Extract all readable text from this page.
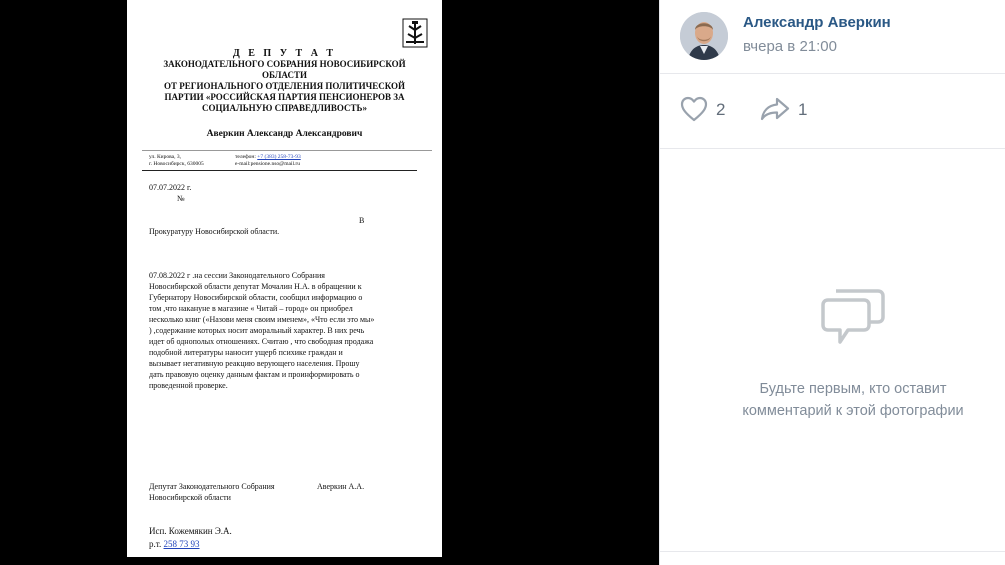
Д Е П У Т А Т
ЗАКОНОДАТЕЛЬНОГО СОБРАНИЯ НОВОСИБИРСКОЙ
ОБЛАСТИ
ОТ РЕГИОНАЛЬНОГО ОТДЕЛЕНИЯ ПОЛИТИЧЕСКОЙ
ПАРТИИ «РОССИЙСКАЯ ПАРТИЯ ПЕНСИОНЕРОВ ЗА
СОЦИАЛЬНУЮ СПРАВЕДЛИВОСТЬ»
Аверкин Александр Александрович
ул. Кирова, 3,
г. Новосибирск, 630005
телефон: +7 (383) 258-73-93
e-mail:pensione.nso@mail.ru
07.07.2022 г.
№
В
Прокуратуру Новосибирской области.
07.08.2022 г .на сессии Законодательного Собрания
Новосибирской области депутат Мочалин Н.А. в обращении к
Губернатору Новосибирской области, сообщил информацию о
том ,что накануне в магазине « Читай – город» он приобрел
несколько книг («Назови меня своим именем», «Что если это мы»
) ,содержание которых носит аморальный характер. В них речь
идет об однополых отношениях. Считаю , что свободная продажа
подобной литературы наносит ущерб психике граждан и
вызывает негативную реакцию верующего населения. Прошу
дать правовую оценку данным фактам и проинформировать о
проведенной проверке.
Депутат Законодательного Собрания
Новосибирской области
Аверкин А.А.
Исп. Кожемякин Э.А.
р.т. 258 73 93
Александр Аверкин
вчера в 21:00
2	1
Будьте первым, кто оставит
комментарий к этой фотографии
